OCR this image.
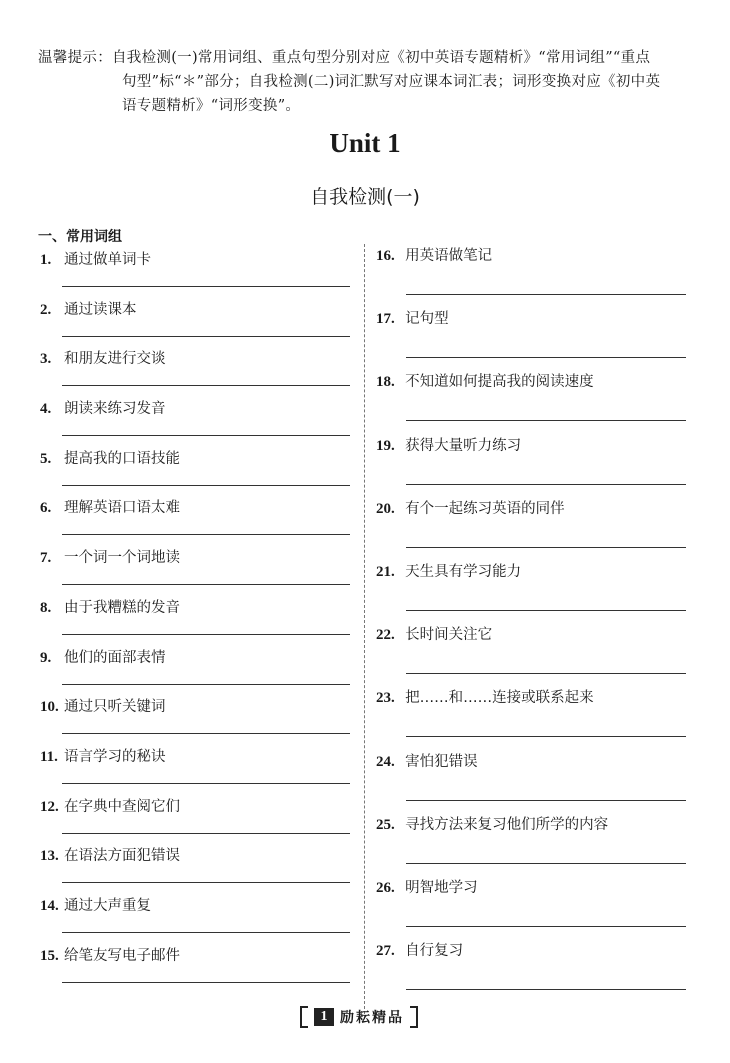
温馨提示：自我检测(一)常用词组、重点句型分别对应《初中英语专题精析》“常用词组”“重点
句型”标“＊”部分；自我检测(二)词汇默写对应课本词汇表；词形变换对应《初中英
语专题精析》“词形变换”。
Unit 1
自我检测(一)
一、常用词组
1. 通过做单词卡
2. 通过读课本
3. 和朋友进行交谈
4. 朗读来练习发音
5. 提高我的口语技能
6. 理解英语口语太难
7. 一个词一个词地读
8. 由于我糟糕的发音
9. 他们的面部表情
10. 通过只听关键词
11. 语言学习的秘诀
12. 在字典中查阅它们
13. 在语法方面犯错误
14. 通过大声重复
15. 给笔友写电子邮件
16. 用英语做笔记
17. 记句型
18. 不知道如何提高我的阅读速度
19. 获得大量听力练习
20. 有个一起练习英语的同伴
21. 天生具有学习能力
22. 长时间关注它
23. 把……和……连接或联系起来
24. 害怕犯错误
25. 寻找方法来复习他们所学的内容
26. 明智地学习
27. 自行复习
1 励耘精品
